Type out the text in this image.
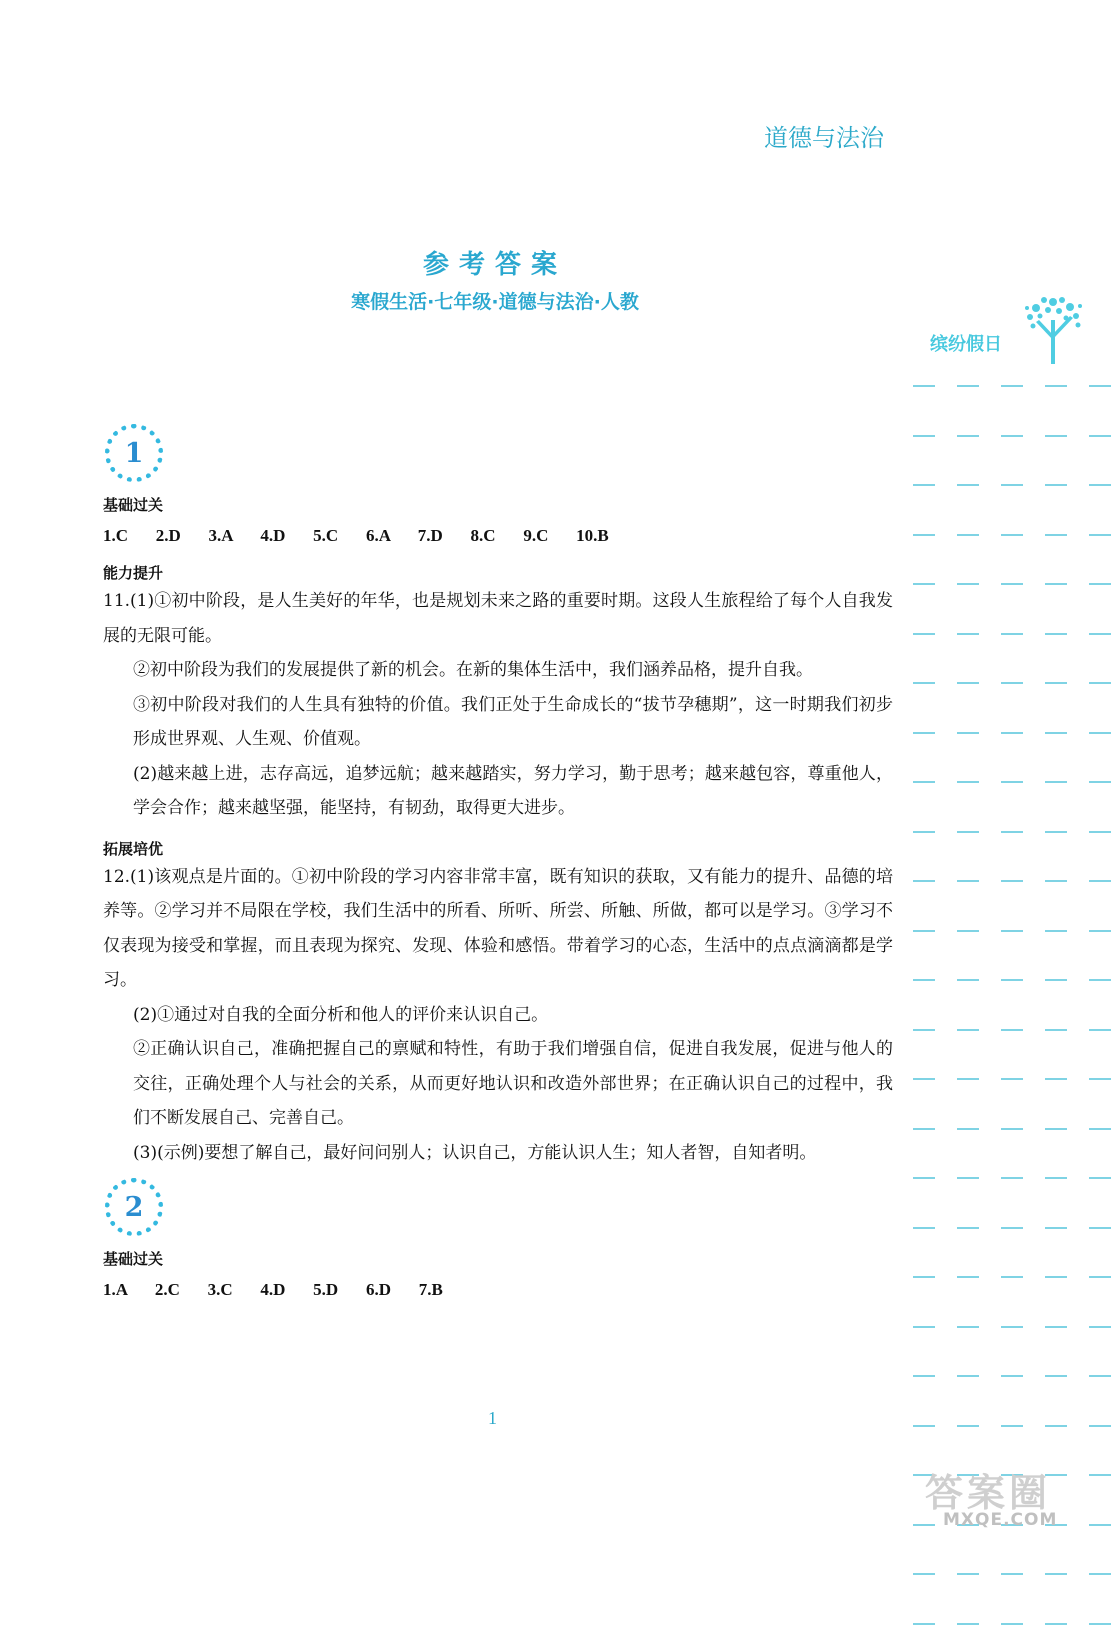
道德与法治
参考答案
寒假生活·七年级·道德与法治·人教
缤纷假日
1
基础过关
1.C   2.D   3.A   4.D   5.C   6.A   7.D   8.C   9.C   10.B
能力提升

11.(1)①初中阶段，是人生美好的年华，也是规划未来之路的重要时期。这段人生旅程给了每个人自我发展的无限可能。

②初中阶段为我们的发展提供了新的机会。在新的集体生活中，我们涵养品格，提升自我。

③初中阶段对我们的人生具有独特的价值。我们正处于生命成长的“拔节孕穗期”，这一时期我们初步形成世界观、人生观、价值观。

(2)越来越上进，志存高远，追梦远航；越来越踏实，努力学习，勤于思考；越来越包容，尊重他人，学会合作；越来越坚强，能坚持，有韧劲，取得更大进步。

拓展培优

12.(1)该观点是片面的。①初中阶段的学习内容非常丰富，既有知识的获取，又有能力的提升、品德的培养等。②学习并不局限在学校，我们生活中的所看、所听、所尝、所触、所做，都可以是学习。③学习不仅表现为接受和掌握，而且表现为探究、发现、体验和感悟。带着学习的心态，生活中的点点滴滴都是学习。

(2)①通过对自我的全面分析和他人的评价来认识自己。

②正确认识自己，准确把握自己的禀赋和特性，有助于我们增强自信，促进自我发展，促进与他人的交往，正确处理个人与社会的关系，从而更好地认识和改造外部世界；在正确认识自己的过程中，我们不断发展自己、完善自己。

(3)(示例)要想了解自己，最好问问别人；认识自己，方能认识人生；知人者智，自知者明。

2
基础过关
1.A   2.C   3.C   4.D   5.D   6.D   7.B
1
答案圈
MXQE.COM
